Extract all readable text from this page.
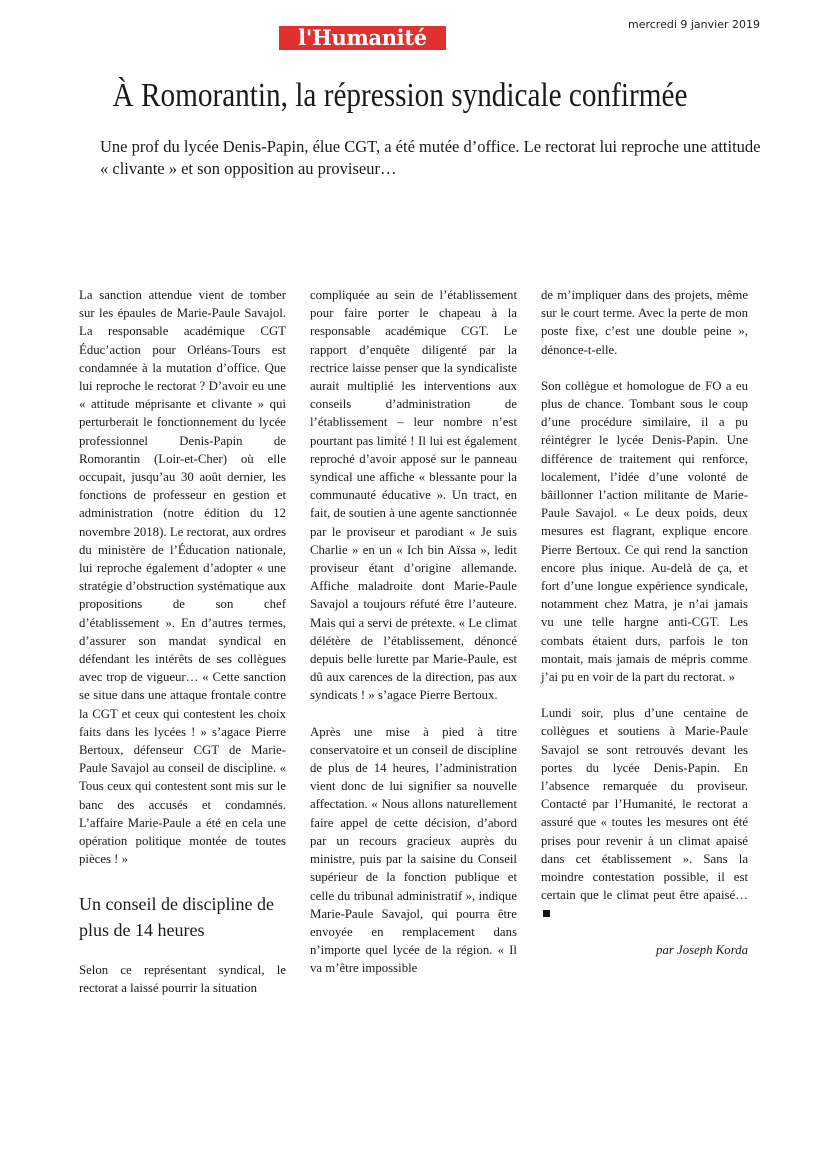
l'Humanité
mercredi 9 janvier 2019
À Romorantin, la répression syndicale confirmée

Une prof du lycée Denis-Papin, élue CGT, a été mutée d’office. Le rectorat lui reproche une attitude « clivante » et son opposition au proviseur…

La sanction attendue vient de tomber sur les épaules de Marie-Paule Savajol. La responsable académique CGT Éduc’action pour Orléans-Tours est condamnée à la mutation d’office. Que lui reproche le rectorat ? D’avoir eu une « attitude méprisante et clivante » qui perturberait le fonctionnement du lycée professionnel Denis-Papin de Romorantin (Loir-et-Cher) où elle occupait, jusqu’au 30 août dernier, les fonctions de professeur en gestion et administration (notre édition du 12 novembre 2018). Le rectorat, aux ordres du ministère de l’Éducation nationale, lui reproche également d’adopter « une stratégie d’obstruction systématique aux propositions de son chef d’établissement ». En d’autres termes, d’assurer son mandat syndical en défendant les intérêts de ses collègues avec trop de vigueur… « Cette sanction se situe dans une attaque frontale contre la CGT et ceux qui contestent les choix faits dans les lycées ! » s’agace Pierre Bertoux, défenseur CGT de Marie-Paule Savajol au conseil de discipline. « Tous ceux qui contestent sont mis sur le banc des accusés et condamnés. L’affaire Marie-Paule a été en cela une opération politique montée de toutes pièces ! »

Un conseil de discipline de plus de 14 heures

Selon ce représentant syndical, le rectorat a laissé pourrir la situation

compliquée au sein de l’établissement pour faire porter le chapeau à la responsable académique CGT. Le rapport d’enquête diligenté par la rectrice laisse penser que la syndicaliste aurait multiplié les interventions aux conseils d’administration de l’établissement – leur nombre n’est pourtant pas limité ! Il lui est également reproché d’avoir apposé sur le panneau syndical une affiche « blessante pour la communauté éducative ». Un tract, en fait, de soutien à une agente sanctionnée par le proviseur et parodiant « Je suis Charlie » en un « Ich bin Aïssa », ledit proviseur étant d’origine allemande. Affiche maladroite dont Marie-Paule Savajol a toujours réfuté être l’auteure. Mais qui a servi de prétexte. « Le climat délétère de l’établissement, dénoncé depuis belle lurette par Marie-Paule, est dû aux carences de la direction, pas aux syndicats ! » s’agace Pierre Bertoux.

Après une mise à pied à titre conservatoire et un conseil de discipline de plus de 14 heures, l’administration vient donc de lui signifier sa nouvelle affectation. « Nous allons naturellement faire appel de cette décision, d’abord par un recours gracieux auprès du ministre, puis par la saisine du Conseil supérieur de la fonction publique et celle du tribunal administratif », indique Marie-Paule Savajol, qui pourra être envoyée en remplacement dans n’importe quel lycée de la région. « Il va m’être impossible

de m’impliquer dans des projets, même sur le court terme. Avec la perte de mon poste fixe, c’est une double peine », dénonce-t-elle.

Son collègue et homologue de FO a eu plus de chance. Tombant sous le coup d’une procédure similaire, il a pu réintégrer le lycée Denis-Papin. Une différence de traitement qui renforce, localement, l’idée d’une volonté de bâillonner l’action militante de Marie-Paule Savajol. « Le deux poids, deux mesures est flagrant, explique encore Pierre Bertoux. Ce qui rend la sanction encore plus inique. Au-delà de ça, et fort d’une longue expérience syndicale, notamment chez Matra, je n’ai jamais vu une telle hargne anti-CGT. Les combats étaient durs, parfois le ton montait, mais jamais de mépris comme j’ai pu en voir de la part du rectorat. »

Lundi soir, plus d’une centaine de collègues et soutiens à Marie-Paule Savajol se sont retrouvés devant les portes du lycée Denis-Papin. En l’absence remarquée du proviseur. Contacté par l’Humanité, le rectorat a assuré que « toutes les mesures ont été prises pour revenir à un climat apaisé dans cet établissement ». Sans la moindre contestation possible, il est certain que le climat peut être apaisé…

par Joseph Korda
